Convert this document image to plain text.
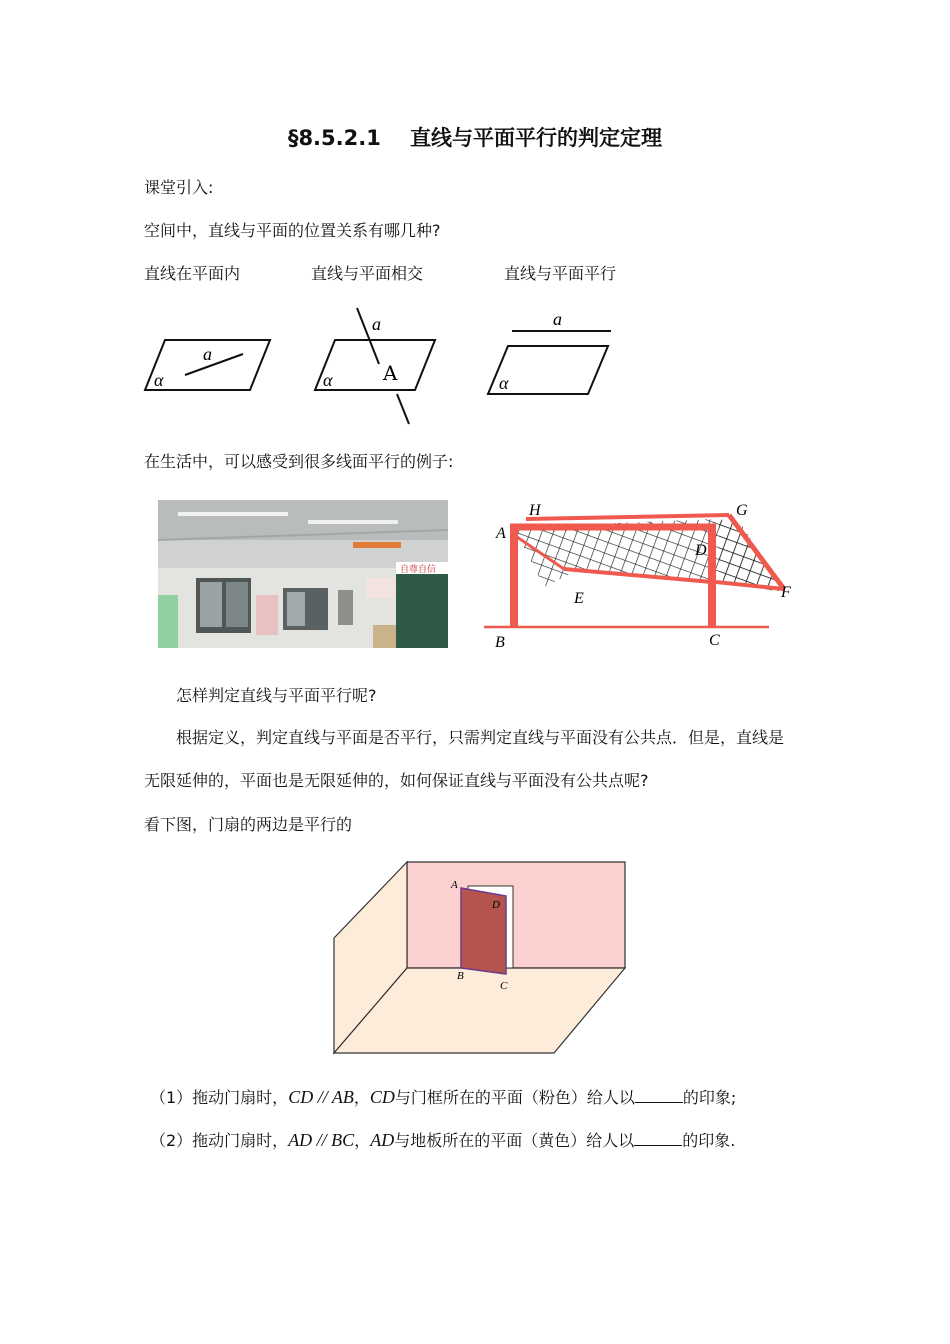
§8.5.2.1    直线与平面平行的判定定理
课堂引入:
空间中，直线与平面的位置关系有哪几种?
直线在平面内	直线与平面相交	直线与平面平行
a
α
a
A
α
a
α
在生活中，可以感受到很多线面平行的例子:
自尊自信
A
H	G
D
E	F
B	C
怎样判定直线与平面平行呢?
根据定义，判定直线与平面是否平行，只需判定直线与平面没有公共点．但是，直线是
无限延伸的，平面也是无限延伸的，如何保证直线与平面没有公共点呢?
看下图，门扇的两边是平行的
A
D
B
C
（1）拖动门扇时，CD // AB，CD与门框所在的平面（粉色）给人以	的印象;
（2）拖动门扇时，AD // BC，AD与地板所在的平面（黄色）给人以	的印象.
